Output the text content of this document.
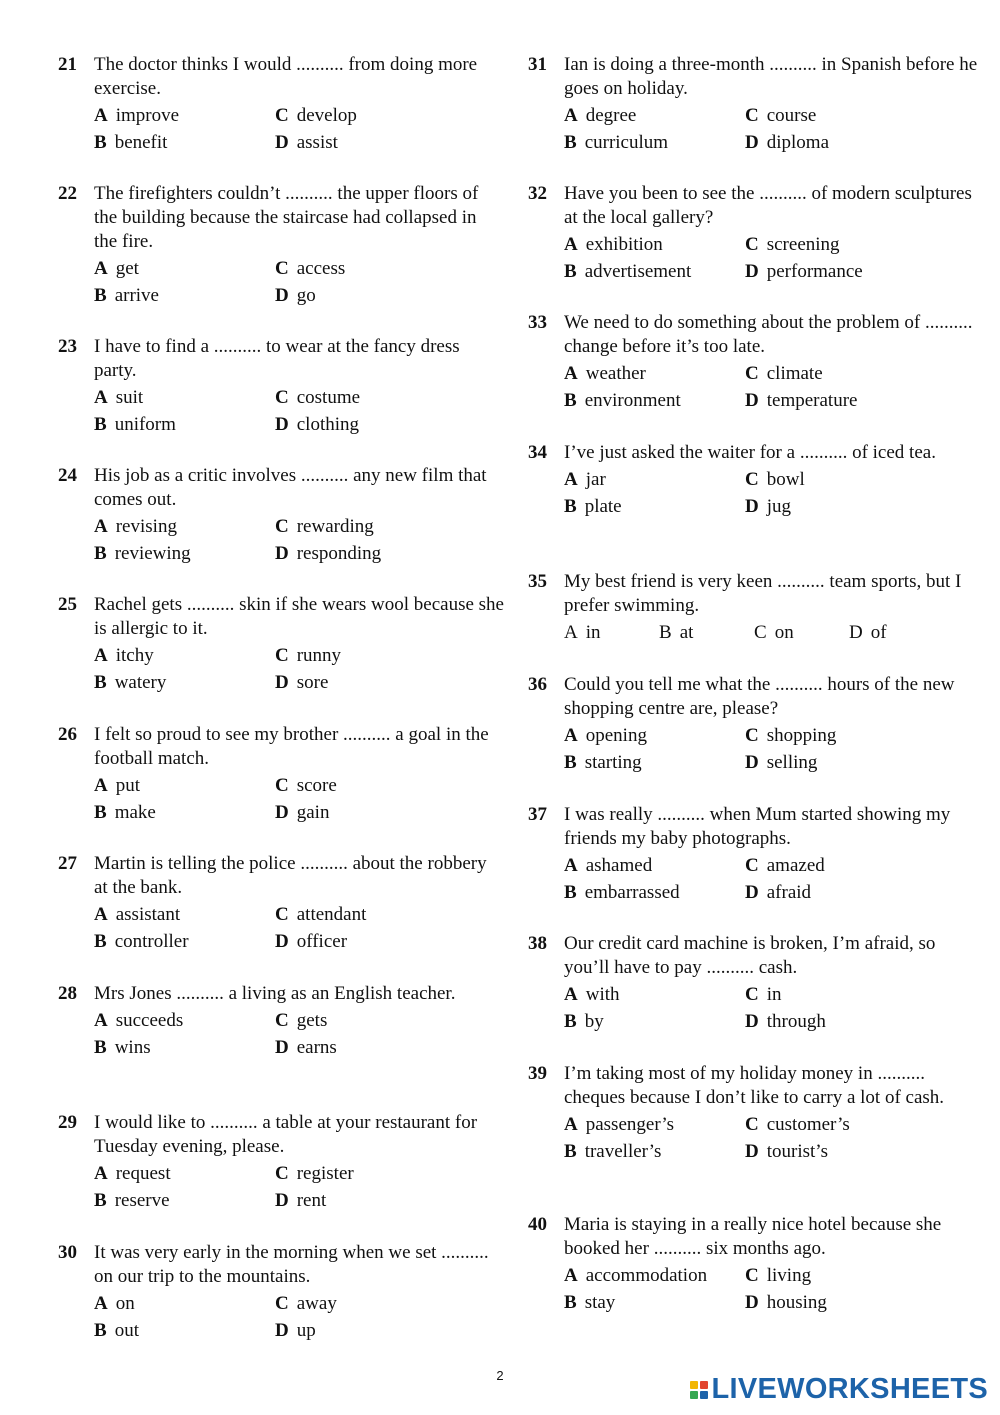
21 The doctor thinks I would .......... from doing more exercise.
A improve	C develop
B benefit	D assist
22 The firefighters couldn’t .......... the upper floors of the building because the staircase had collapsed in the fire.
A get	C access
B arrive	D go
23 I have to find a .......... to wear at the fancy dress party.
A suit	C costume
B uniform	D clothing
24 His job as a critic involves .......... any new film that comes out.
A revising	C rewarding
B reviewing	D responding
25 Rachel gets .......... skin if she wears wool because she is allergic to it.
A itchy	C runny
B watery	D sore
26 I felt so proud to see my brother .......... a goal in the football match.
A put	C score
B make	D gain
27 Martin is telling the police .......... about the robbery at the bank.
A assistant	C attendant
B controller	D officer
28 Mrs Jones .......... a living as an English teacher.
A succeeds	C gets
B wins	D earns
29 I would like to .......... a table at your restaurant for Tuesday evening, please.
A request	C register
B reserve	D rent
30 It was very early in the morning when we set .......... on our trip to the mountains.
A on	C away
B out	D up
31 Ian is doing a three-month .......... in Spanish before he goes on holiday.
A degree	C course
B curriculum	D diploma
32 Have you been to see the .......... of modern sculptures at the local gallery?
A exhibition	C screening
B advertisement	D performance
33 We need to do something about the problem of .......... change before it’s too late.
A weather	C climate
B environment	D temperature
34 I’ve just asked the waiter for a .......... of iced tea.
A jar	C bowl
B plate	D jug
35 My best friend is very keen .......... team sports, but I prefer swimming.
A in	B at	C on	D of
36 Could you tell me what the .......... hours of the new shopping centre are, please?
A opening	C shopping
B starting	D selling
37 I was really .......... when Mum started showing my friends my baby photographs.
A ashamed	C amazed
B embarrassed	D afraid
38 Our credit card machine is broken, I’m afraid, so you’ll have to pay .......... cash.
A with	C in
B by	D through
39 I’m taking most of my holiday money in .......... cheques because I don’t like to carry a lot of cash.
A passenger’s	C customer’s
B traveller’s	D tourist’s
40 Maria is staying in a really nice hotel because she booked her .......... six months ago.
A accommodation	C living
B stay	D housing
2	LIVEWORKSHEETS
